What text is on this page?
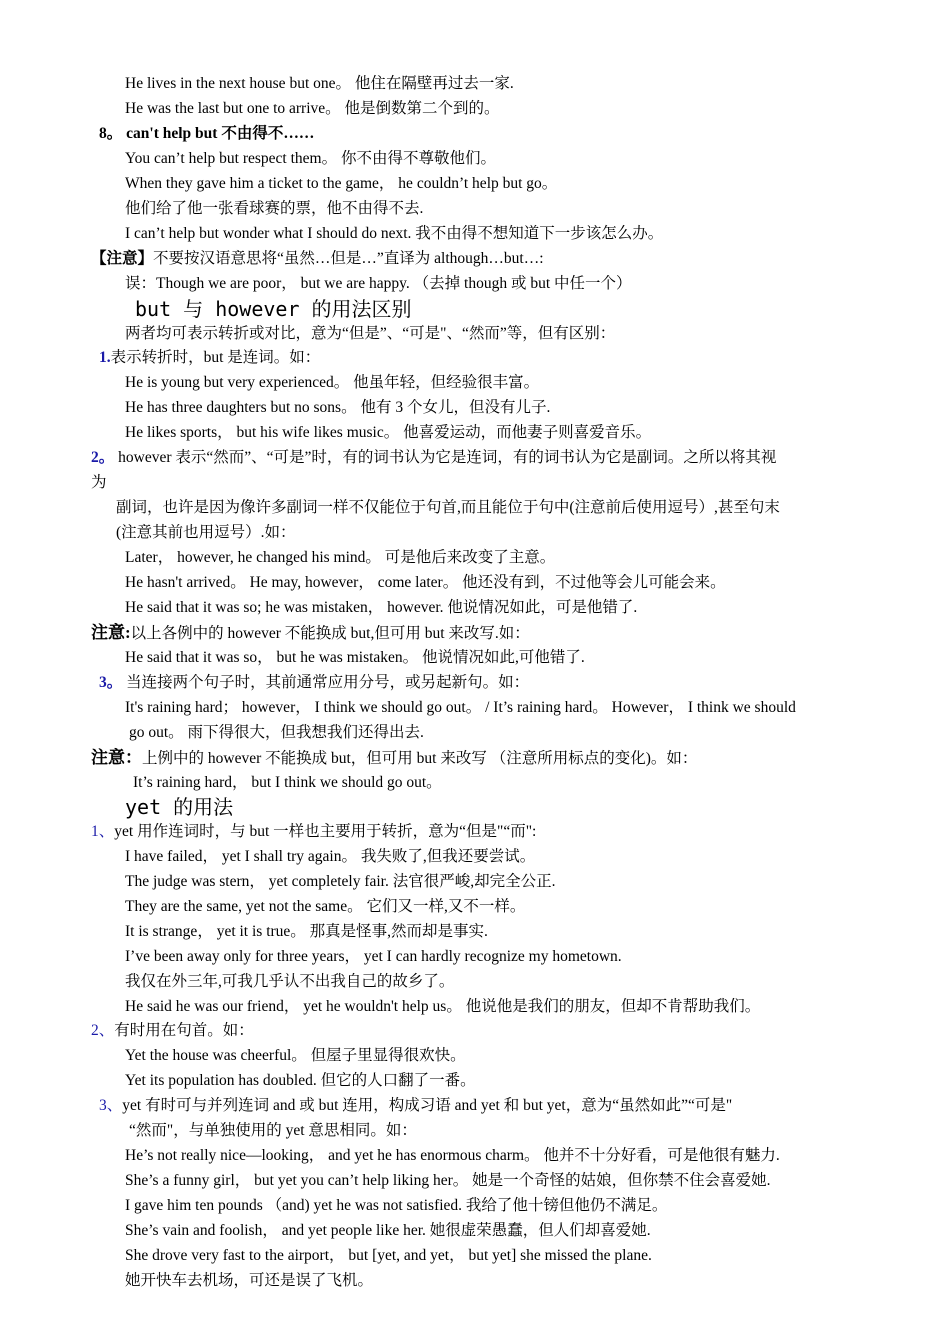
He lives in the next house but one。 他住在隔壁再过去一家.
He was the last but one to arrive。 他是倒数第二个到的。
8。 can't help but 不由得不……
You can’t help but respect them。 你不由得不尊敬他们。
When they gave him a ticket to the game， he couldn’t help but go。
他们给了他一张看球赛的票，他不由得不去.
I can’t help but wonder what I should do next. 我不由得不想知道下一步该怎么办。
【注意】不要按汉语意思将“虽然…但是…”直译为 although…but…:
误：Though we are poor， but we are happy. （去掉 though 或 but 中任一个）
but 与 however 的用法区别
两者均可表示转折或对比，意为“但是”、“可是"、“然而”等，但有区别：
1.表示转折时，but 是连词。如：
He is young but very experienced。 他虽年轻，但经验很丰富。
He has three daughters but no sons。 他有 3 个女儿，但没有儿子.
He likes sports， but his wife likes music。 他喜爱运动，而他妻子则喜爱音乐。
2。 however 表示“然而”、“可是”时，有的词书认为它是连词，有的词书认为它是副词。之所以将其视
为
副词，也许是因为像许多副词一样不仅能位于句首,而且能位于句中(注意前后使用逗号）,甚至句末
(注意其前也用逗号）.如：
Later， however, he changed his mind。 可是他后来改变了主意。
He hasn't arrived。 He may, however， come later。 他还没有到，不过他等会儿可能会来。
He said that it was so; he was mistaken， however. 他说情况如此，可是他错了.
注意:以上各例中的 however 不能换成 but,但可用 but 来改写.如：
He said that it was so， but he was mistaken。 他说情况如此,可他错了.
3。 当连接两个句子时，其前通常应用分号，或另起新句。如：
It's raining hard； however， I think we should go out。 / It’s raining hard。 However， I think we should
go out。 雨下得很大，但我想我们还得出去.
注意：上例中的 however 不能换成 but，但可用 but 来改写 （注意所用标点的变化)。如：
It’s raining hard， but I think we should go out。
yet 的用法
1、yet 用作连词时，与 but 一样也主要用于转折，意为“但是"“而":
I have failed， yet I shall try again。 我失败了,但我还要尝试。
The judge was stern， yet completely fair. 法官很严峻,却完全公正.
They are the same, yet not the same。 它们又一样,又不一样。
It is strange， yet it is true。 那真是怪事,然而却是事实.
I’ve been away only for three years， yet I can hardly recognize my hometown.
我仅在外三年,可我几乎认不出我自己的故乡了。
He said he was our friend， yet he wouldn't help us。 他说他是我们的朋友，但却不肯帮助我们。
2、有时用在句首。如：
Yet the house was cheerful。 但屋子里显得很欢快。
Yet its population has doubled. 但它的人口翻了一番。
3、yet 有时可与并列连词 and 或 but 连用，构成习语 and yet 和 but yet，意为“虽然如此”“可是"
“然而"，与单独使用的 yet 意思相同。如：
He’s not really nice—looking， and yet he has enormous charm。 他并不十分好看，可是他很有魅力.
She’s a funny girl， but yet you can’t help liking her。 她是一个奇怪的姑娘，但你禁不住会喜爱她.
I gave him ten pounds （and) yet he was not satisfied. 我给了他十镑但他仍不满足。
She’s vain and foolish， and yet people like her. 她很虚荣愚蠢，但人们却喜爱她.
She drove very fast to the airport， but [yet, and yet， but yet] she missed the plane.
她开快车去机场，可还是误了飞机。
